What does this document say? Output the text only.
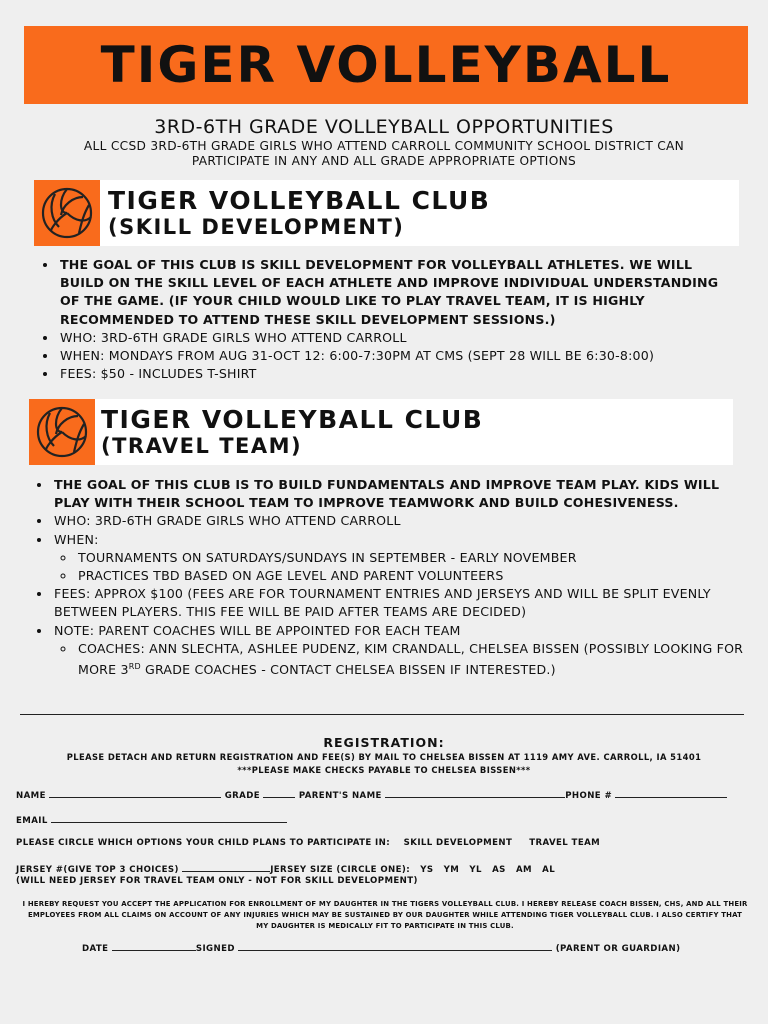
TIGER VOLLEYBALL
3RD-6TH GRADE VOLLEYBALL OPPORTUNITIES
ALL CCSD 3RD-6TH GRADE GIRLS WHO ATTEND CARROLL COMMUNITY SCHOOL DISTRICT CAN PARTICIPATE IN ANY AND ALL GRADE APPROPRIATE OPTIONS
TIGER VOLLEYBALL CLUB
(SKILL DEVELOPMENT)
• THE GOAL OF THIS CLUB IS SKILL DEVELOPMENT FOR VOLLEYBALL ATHLETES. WE WILL BUILD ON THE SKILL LEVEL OF EACH ATHLETE AND IMPROVE INDIVIDUAL UNDERSTANDING OF THE GAME. (IF YOUR CHILD WOULD LIKE TO PLAY TRAVEL TEAM, IT IS HIGHLY RECOMMENDED TO ATTEND THESE SKILL DEVELOPMENT SESSIONS.)
• WHO: 3RD-6TH GRADE GIRLS WHO ATTEND CARROLL
• WHEN: MONDAYS FROM AUG 31-OCT 12: 6:00-7:30PM AT CMS (SEPT 28 WILL BE 6:30-8:00)
• FEES: $50 - INCLUDES T-SHIRT
TIGER VOLLEYBALL CLUB
(TRAVEL TEAM)
• THE GOAL OF THIS CLUB IS TO BUILD FUNDAMENTALS AND IMPROVE TEAM PLAY. KIDS WILL PLAY WITH THEIR SCHOOL TEAM TO IMPROVE TEAMWORK AND BUILD COHESIVENESS.
• WHO: 3RD-6TH GRADE GIRLS WHO ATTEND CARROLL
• WHEN:
◦ TOURNAMENTS ON SATURDAYS/SUNDAYS IN SEPTEMBER - EARLY NOVEMBER
◦ PRACTICES TBD BASED ON AGE LEVEL AND PARENT VOLUNTEERS
• FEES: APPROX $100 (FEES ARE FOR TOURNAMENT ENTRIES AND JERSEYS AND WILL BE SPLIT EVENLY BETWEEN PLAYERS. THIS FEE WILL BE PAID AFTER TEAMS ARE DECIDED)
• NOTE: PARENT COACHES WILL BE APPOINTED FOR EACH TEAM
◦ COACHES: ANN SLECHTA, ASHLEE PUDENZ, KIM CRANDALL, CHELSEA BISSEN (POSSIBLY LOOKING FOR MORE 3RD GRADE COACHES - CONTACT CHELSEA BISSEN IF INTERESTED.)
REGISTRATION:
PLEASE DETACH AND RETURN REGISTRATION AND FEE(S) BY MAIL TO CHELSEA BISSEN AT 1119 AMY AVE. CARROLL, IA 51401
***PLEASE MAKE CHECKS PAYABLE TO CHELSEA BISSEN***
NAME	GRADE	PARENT'S NAME	PHONE #
EMAIL
PLEASE CIRCLE WHICH OPTIONS YOUR CHILD PLANS TO PARTICIPATE IN: SKILL DEVELOPMENT TRAVEL TEAM
JERSEY #(GIVE TOP 3 CHOICES)	JERSEY SIZE (CIRCLE ONE): YS YM YL AS AM AL
(WILL NEED JERSEY FOR TRAVEL TEAM ONLY - NOT FOR SKILL DEVELOPMENT)
I HEREBY REQUEST YOU ACCEPT THE APPLICATION FOR ENROLLMENT OF MY DAUGHTER IN THE TIGERS VOLLEYBALL CLUB. I HEREBY RELEASE COACH BISSEN, CHS, AND ALL THEIR EMPLOYEES FROM ALL CLAIMS ON ACCOUNT OF ANY INJURIES WHICH MAY BE SUSTAINED BY OUR DAUGHTER WHILE ATTENDING TIGER VOLLEYBALL CLUB. I ALSO CERTIFY THAT MY DAUGHTER IS MEDICALLY FIT TO PARTICIPATE IN THIS CLUB.
DATE	SIGNED	(PARENT OR GUARDIAN)
